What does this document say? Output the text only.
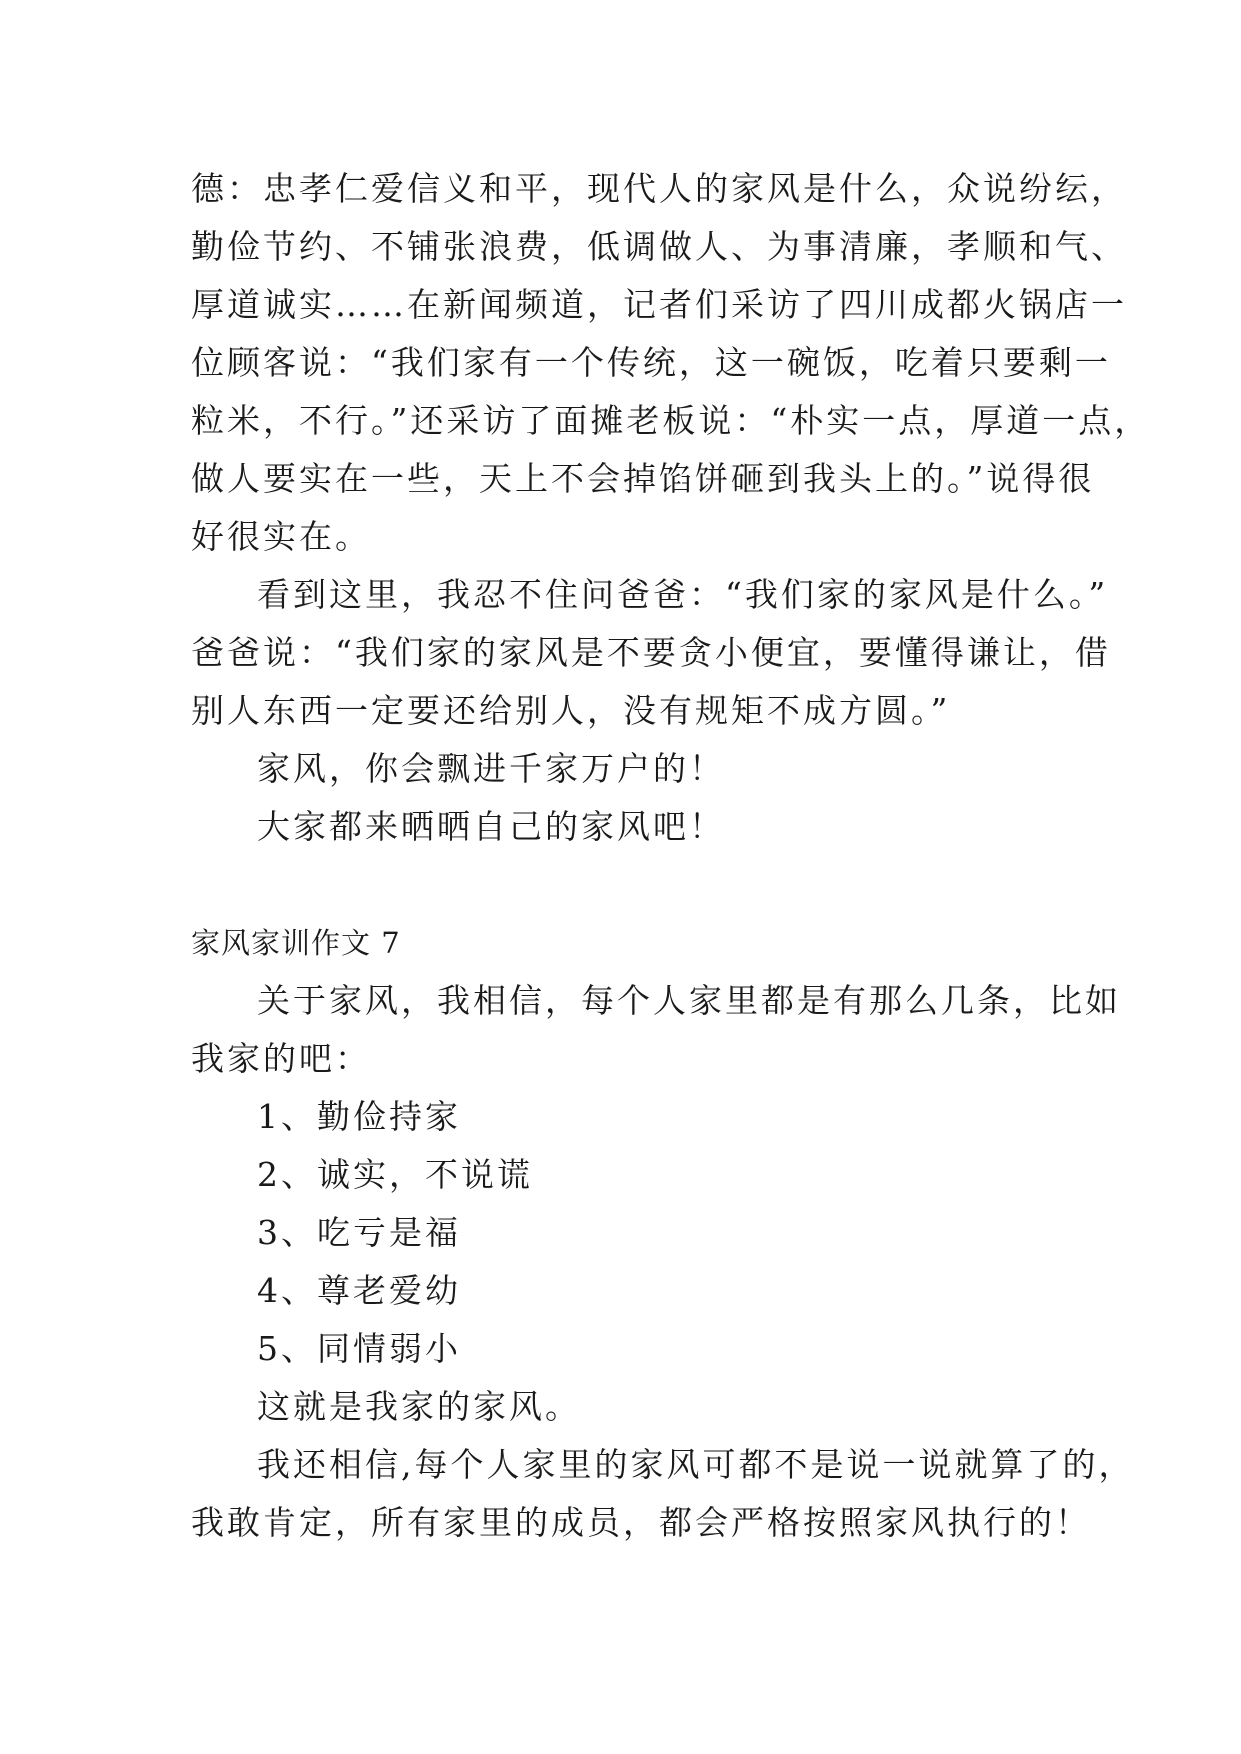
德：忠孝仁爱信义和平，现代人的家风是什么，众说纷纭，
勤俭节约、不铺张浪费，低调做人、为事清廉，孝顺和气、
厚道诚实……在新闻频道，记者们采访了四川成都火锅店一
位顾客说：“我们家有一个传统，这一碗饭，吃着只要剩一
粒米，不行。”还采访了面摊老板说：“朴实一点，厚道一点，
做人要实在一些，天上不会掉馅饼砸到我头上的。”说得很
好很实在。
看到这里，我忍不住问爸爸：“我们家的家风是什么。”
爸爸说：“我们家的家风是不要贪小便宜，要懂得谦让，借
别人东西一定要还给别人，没有规矩不成方圆。”
家风，你会飘进千家万户的！
大家都来晒晒自己的家风吧！
家风家训作文 7
关于家风，我相信，每个人家里都是有那么几条，比如
我家的吧：
1、勤俭持家
2、诚实，不说谎
3、吃亏是福
4、尊老爱幼
5、同情弱小
这就是我家的家风。
我还相信,每个人家里的家风可都不是说一说就算了的，
我敢肯定，所有家里的成员，都会严格按照家风执行的！
